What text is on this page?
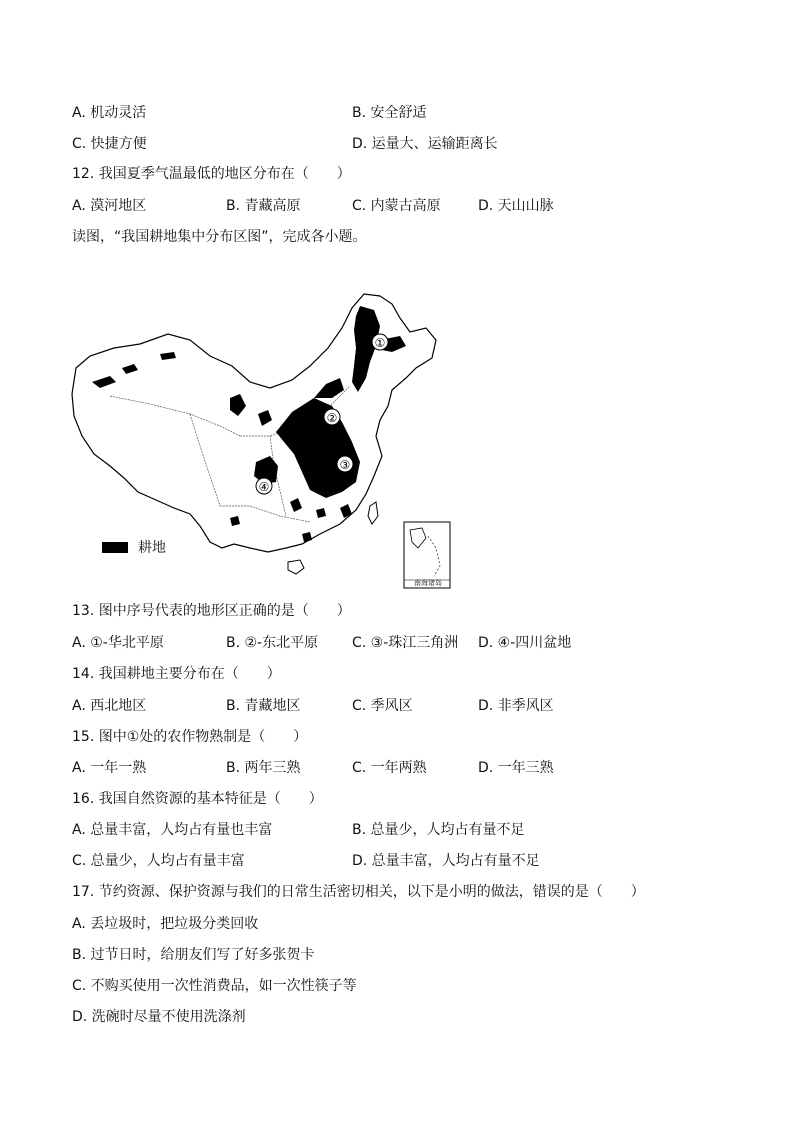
A. 机动灵活	B. 安全舒适
C. 快捷方便	D. 运量大、运输距离长
12. 我国夏季气温最低的地区分布在（　　）
A. 漠河地区	B. 青藏高原	C. 内蒙古高原	D. 天山山脉
读图，“我国耕地集中分布区图”，完成各小题。
①
②
③
④
耕地
南海诸岛
13. 图中序号代表的地形区正确的是（　　）
A. ①-华北平原	B. ②-东北平原 C. ③-珠江三角洲 D. ④-四川盆地
14. 我国耕地主要分布在（　　）
A. 西北地区	B. 青藏地区	C. 季风区	D. 非季风区
15. 图中①处的农作物熟制是（　　）
A. 一年一熟	B. 两年三熟	C. 一年两熟	D. 一年三熟
16. 我国自然资源的基本特征是（　　）
A. 总量丰富，人均占有量也丰富	B. 总量少，人均占有量不足
C. 总量少，人均占有量丰富	D. 总量丰富，人均占有量不足
17. 节约资源、保护资源与我们的日常生活密切相关，以下是小明的做法，错误的是（　　）
A. 丢垃圾时，把垃圾分类回收
B. 过节日时，给朋友们写了好多张贺卡
C. 不购买使用一次性消费品，如一次性筷子等
D. 洗碗时尽量不使用洗涤剂
